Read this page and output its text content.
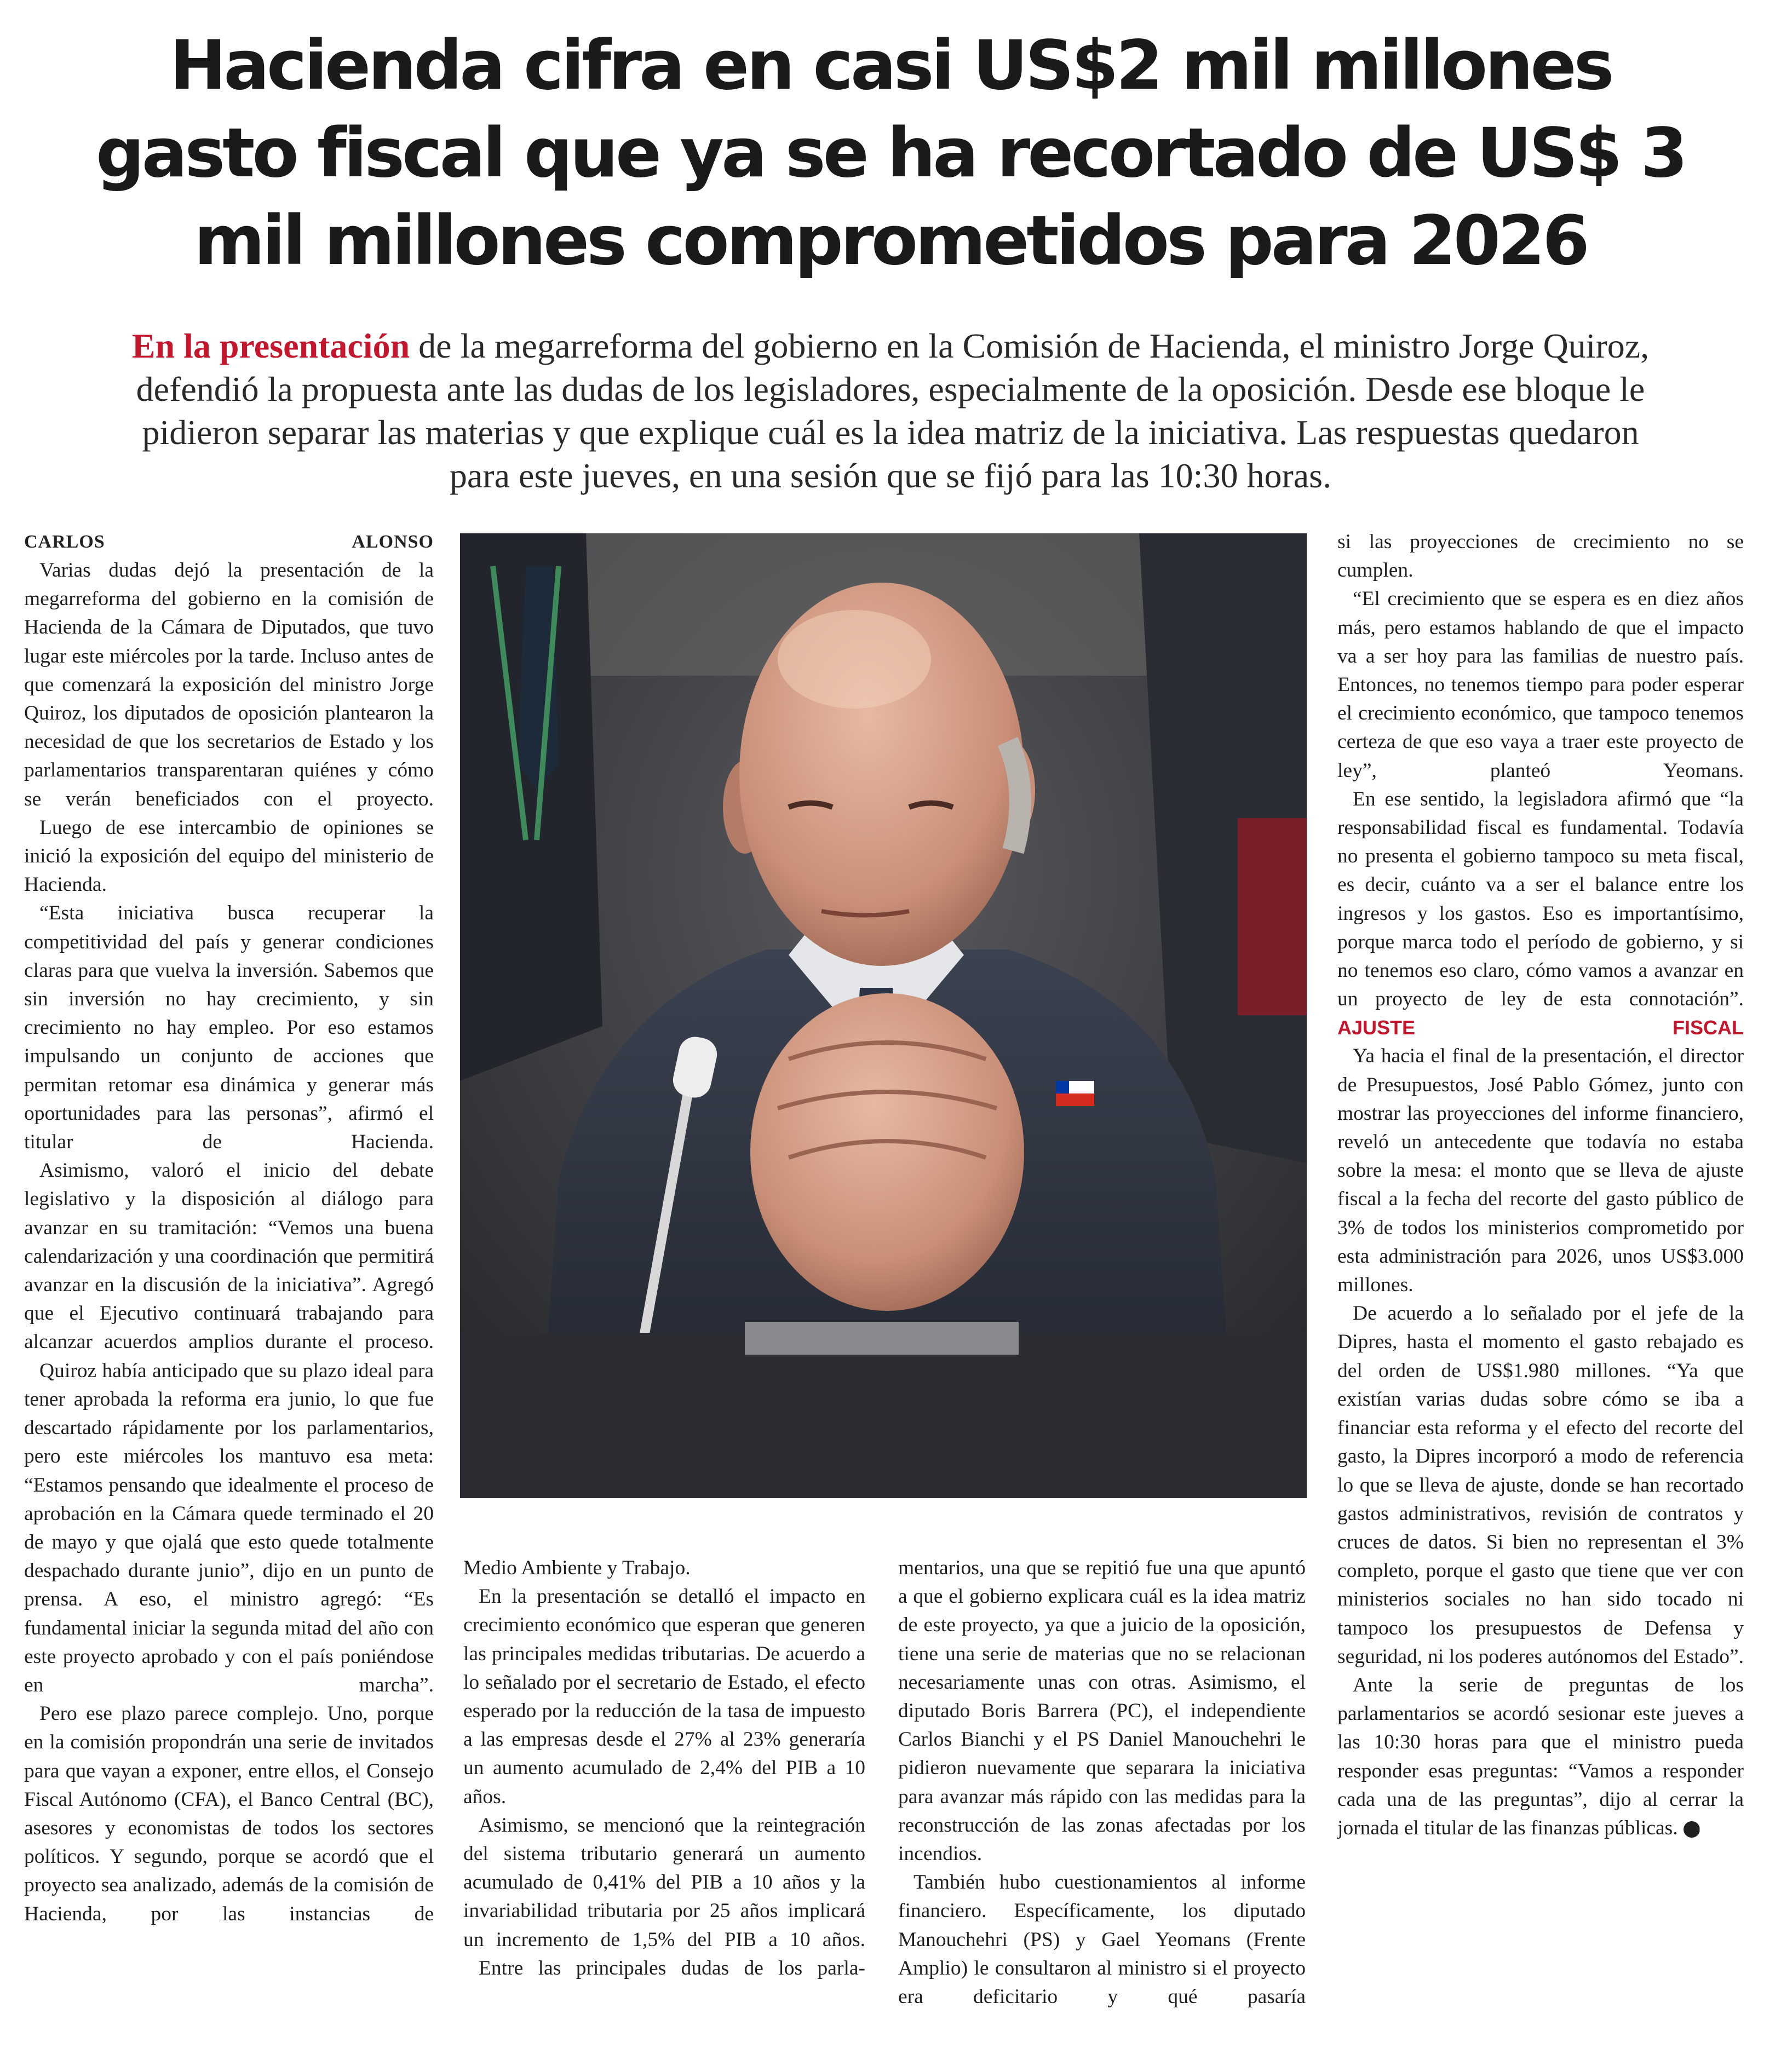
Hacienda cifra en casi US$2 mil millones
gasto fiscal que ya se ha recortado de US$ 3
mil millones comprometidos para 2026
En la presentación de la megarreforma del gobierno en la Comisión de Hacienda, el ministro Jorge Quiroz,
defendió la propuesta ante las dudas de los legisladores, especialmente de la oposición. Desde ese bloque le
pidieron separar las materias y que explique cuál es la idea matriz de la iniciativa. Las respuestas quedaron
para este jueves, en una sesión que se fijó para las 10:30 horas.

CARLOS ALONSO

Varias dudas dejó la presentación de la megarreforma del gobierno en la comisión de Hacienda de la Cámara de Diputados, que tuvo lugar este miércoles por la tarde. Incluso antes de que comenzará la exposición del ministro Jorge Quiroz, los diputados de oposición plantearon la necesidad de que los secretarios de Estado y los parlamentarios transparentaran quiénes y cómo se verán beneficiados con el proyecto.

Luego de ese intercambio de opiniones se inició la exposición del equipo del ministerio de Hacienda.

“Esta iniciativa busca recuperar la competitividad del país y generar condiciones claras para que vuelva la inversión. Sabemos que sin inversión no hay crecimiento, y sin crecimiento no hay empleo. Por eso estamos impulsando un conjunto de acciones que permitan retomar esa dinámica y generar más oportunidades para las personas”, afirmó el titular de Hacienda.

Asimismo, valoró el inicio del debate legislativo y la disposición al diálogo para avanzar en su tramitación: “Vemos una buena calendarización y una coordinación que permitirá avanzar en la discusión de la iniciativa”. Agregó que el Ejecutivo continuará trabajando para alcanzar acuerdos amplios durante el proceso.

Quiroz había anticipado que su plazo ideal para tener aprobada la reforma era junio, lo que fue descartado rápidamente por los parlamentarios, pero este miércoles los mantuvo esa meta: “Estamos pensando que idealmente el proceso de aprobación en la Cámara quede terminado el 20 de mayo y que ojalá que esto quede totalmente despachado durante junio”, dijo en un punto de prensa. A eso, el ministro agregó: “Es fundamental iniciar la segunda mitad del año con este proyecto aprobado y con el país poniéndose en marcha”.

Pero ese plazo parece complejo. Uno, porque en la comisión propondrán una serie de invitados para que vayan a exponer, entre ellos, el Consejo Fiscal Autónomo (CFA), el Banco Central (BC), asesores y economistas de todos los sectores políticos. Y segundo, porque se acordó que el proyecto sea analizado, además de la comisión de Hacienda, por las instancias de

Medio Ambiente y Trabajo.

En la presentación se detalló el impacto en crecimiento económico que esperan que generen las principales medidas tributarias. De acuerdo a lo señalado por el secretario de Estado, el efecto esperado por la reducción de la tasa de impuesto a las empresas desde el 27% al 23% generaría un aumento acumulado de 2,4% del PIB a 10 años.

Asimismo, se mencionó que la reintegración del sistema tributario generará un aumento acumulado de 0,41% del PIB a 10 años y la invariabilidad tributaria por 25 años implicará un incremento de 1,5% del PIB a 10 años.

Entre las principales dudas de los parla-

mentarios, una que se repitió fue una que apuntó a que el gobierno explicara cuál es la idea matriz de este proyecto, ya que a juicio de la oposición, tiene una serie de materias que no se relacionan necesariamente unas con otras. Asimismo, el diputado Boris Barrera (PC), el independiente Carlos Bianchi y el PS Daniel Manouchehri le pidieron nuevamente que separara la iniciativa para avanzar más rápido con las medidas para la reconstrucción de las zonas afectadas por los incendios.

También hubo cuestionamientos al informe financiero. Específicamente, los diputado Manouchehri (PS) y Gael Yeomans (Frente Amplio) le consultaron al ministro si el proyecto era deficitario y qué pasaría

si las proyecciones de crecimiento no se cumplen.

“El crecimiento que se espera es en diez años más, pero estamos hablando de que el impacto va a ser hoy para las familias de nuestro país. Entonces, no tenemos tiempo para poder esperar el crecimiento económico, que tampoco tenemos certeza de que eso vaya a traer este proyecto de ley”, planteó Yeomans.

En ese sentido, la legisladora afirmó que “la responsabilidad fiscal es fundamental. Todavía no presenta el gobierno tampoco su meta fiscal, es decir, cuánto va a ser el balance entre los ingresos y los gastos. Eso es importantísimo, porque marca todo el período de gobierno, y si no tenemos eso claro, cómo vamos a avanzar en un proyecto de ley de esta connotación”.

AJUSTE FISCAL

Ya hacia el final de la presentación, el director de Presupuestos, José Pablo Gómez, junto con mostrar las proyecciones del informe financiero, reveló un antecedente que todavía no estaba sobre la mesa: el monto que se lleva de ajuste fiscal a la fecha del recorte del gasto público de 3% de todos los ministerios comprometido por esta administración para 2026, unos US$3.000 millones.

De acuerdo a lo señalado por el jefe de la Dipres, hasta el momento el gasto rebajado es del orden de US$1.980 millones. “Ya que existían varias dudas sobre cómo se iba a financiar esta reforma y el efecto del recorte del gasto, la Dipres incorporó a modo de referencia lo que se lleva de ajuste, donde se han recortado gastos administrativos, revisión de contratos y cruces de datos. Si bien no representan el 3% completo, porque el gasto que tiene que ver con ministerios sociales no han sido tocado ni tampoco los presupuestos de Defensa y seguridad, ni los poderes autónomos del Estado”.

Ante la serie de preguntas de los parlamentarios se acordó sesionar este jueves a las 10:30 horas para que el ministro pueda responder esas preguntas: “Vamos a responder cada una de las preguntas”, dijo al cerrar la jornada el titular de las finanzas públicas. P
